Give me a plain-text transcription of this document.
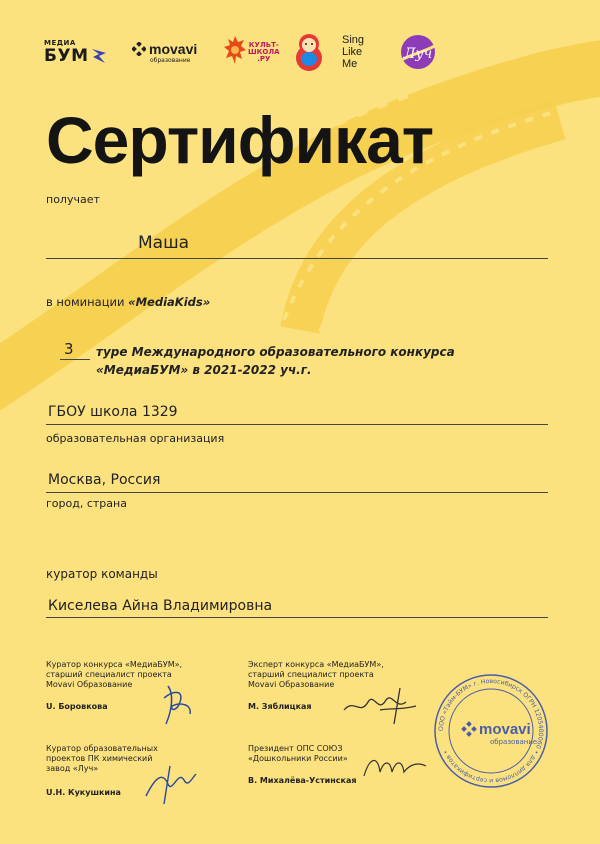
МЕДИА
БУМ	movavi
образование
КУЛЬТ-
ШКОЛА
.РУ
Sing
Like
Me
Луч
Сертификат
получает
Маша
в номинации «MediaKids»
3 туре Международного образовательного конкурса
«МедиаБУМ» в 2021-2022 уч.г.
ГБОУ школа 1329
образовательная организация
Москва, Россия
город, страна
куратор команды
Киселева Айна Владимировна
Куратор конкурса «МедиаБУМ»,
старший специалист проекта
Movavi Образование
U. Боровкова
Эксперт конкурса «МедиаБУМ»,
старший специалист проекта
Movavi Образование
М. Зяблицкая
Куратор образовательных
проектов ПК химический
завод «Луч»
U.Н. Кукушкина
Президент ОПС СОЮЗ
«Дошкольники России»
В. Михалёва-Устинская
ООО «Тайм-БУМ» г. Новосибирск ОГРН 1205400060 • для дипломов и сертификатов •
movavi
образование
